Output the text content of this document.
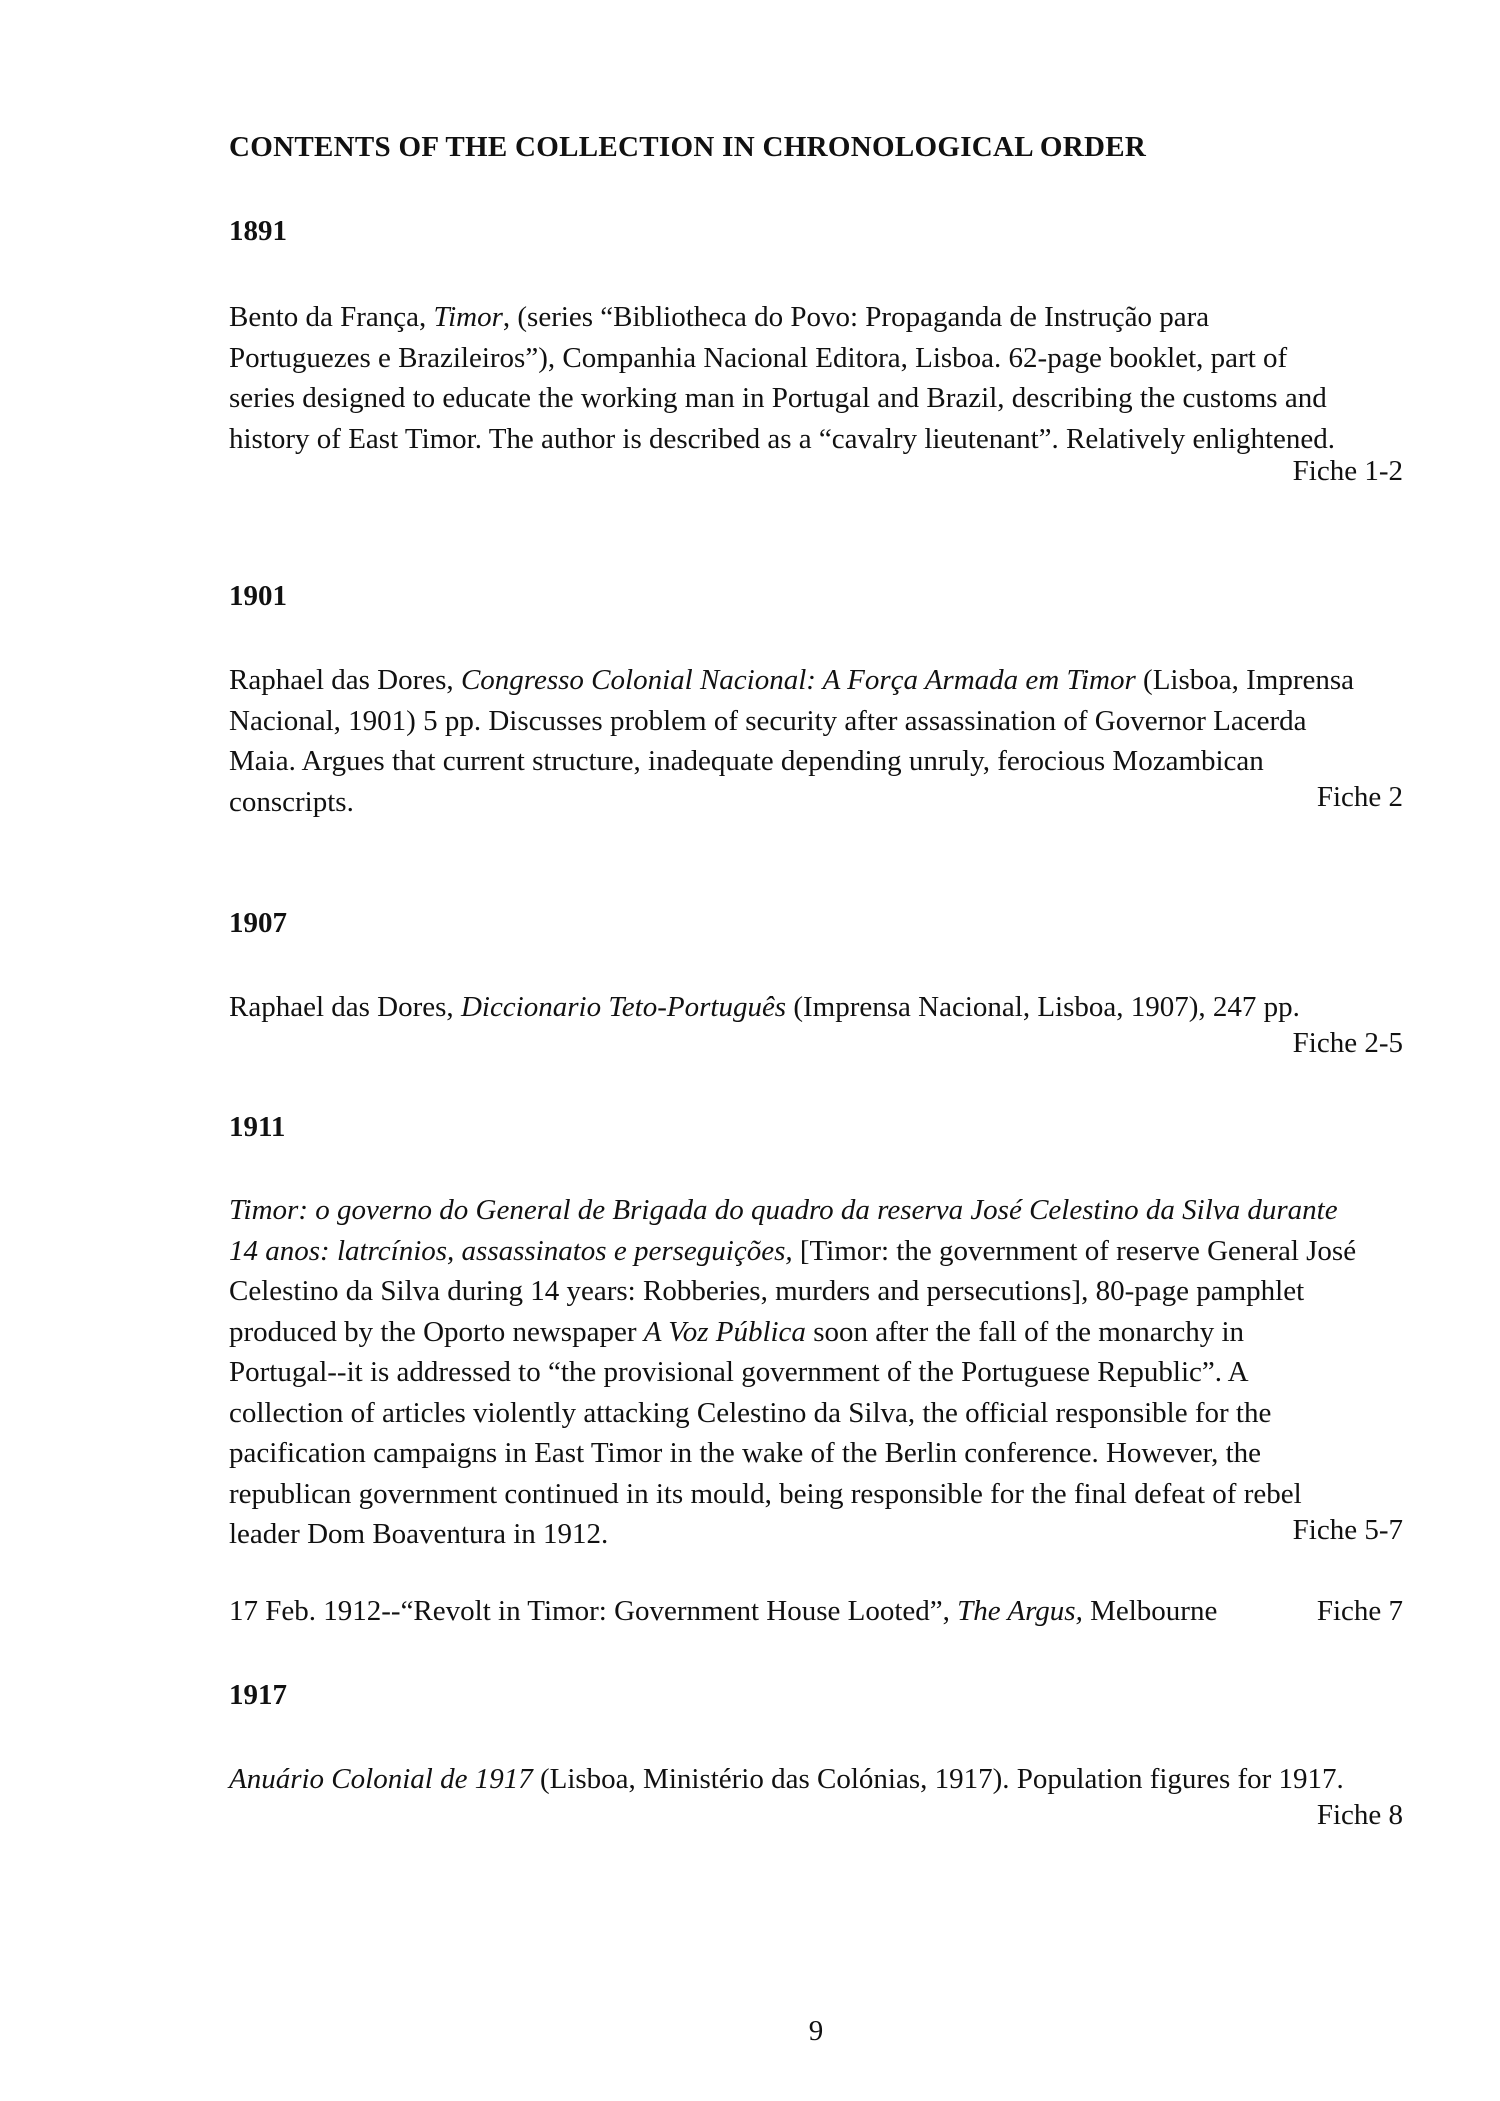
CONTENTS OF THE COLLECTION IN CHRONOLOGICAL ORDER
1891
Bento da França, Timor, (series “Bibliotheca do Povo: Propaganda de Instrução para
Portuguezes e Brazileiros”), Companhia Nacional Editora, Lisboa. 62-page booklet, part of
series designed to educate the working man in Portugal and Brazil, describing the customs and
history of East Timor. The author is described as a “cavalry lieutenant”. Relatively enlightened.
Fiche 1-2
1901
Raphael das Dores, Congresso Colonial Nacional: A Força Armada em Timor (Lisboa, Imprensa
Nacional, 1901) 5 pp. Discusses problem of security after assassination of Governor Lacerda
Maia. Argues that current structure, inadequate depending unruly, ferocious Mozambican
conscripts.	Fiche 2
1907
Raphael das Dores, Diccionario Teto-Português (Imprensa Nacional, Lisboa, 1907), 247 pp.
Fiche 2-5
1911
Timor: o governo do General de Brigada do quadro da reserva José Celestino da Silva durante
14 anos: latrcínios, assassinatos e perseguições, [Timor: the government of reserve General José
Celestino da Silva during 14 years: Robberies, murders and persecutions], 80-page pamphlet
produced by the Oporto newspaper A Voz Pública soon after the fall of the monarchy in
Portugal--it is addressed to “the provisional government of the Portuguese Republic”. A
collection of articles violently attacking Celestino da Silva, the official responsible for the
pacification campaigns in East Timor in the wake of the Berlin conference. However, the
republican government continued in its mould, being responsible for the final defeat of rebel
leader Dom Boaventura in 1912.	Fiche 5-7
17 Feb. 1912--“Revolt in Timor: Government House Looted”, The Argus, Melbourne	Fiche 7
1917
Anuário Colonial de 1917 (Lisboa, Ministério das Colónias, 1917). Population figures for 1917.
Fiche 8
9
